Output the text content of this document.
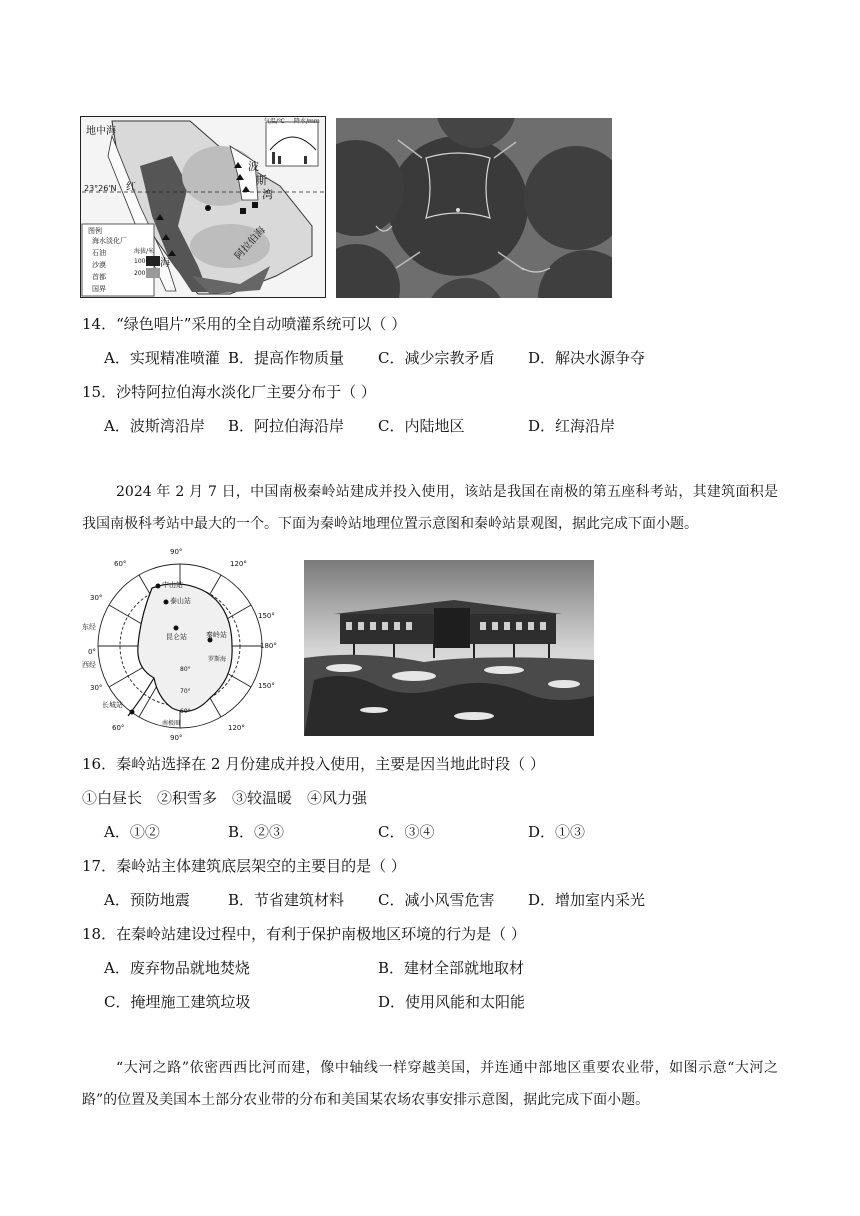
地中海
红
海
波
斯
湾
阿拉伯海
23°26'N
气温/℃ 降水/mm
图例
海水淡化厂
石油
沙漠
首都
国界
海拔/米
1000
200
14．“绿色唱片”采用的全自动喷灌系统可以（ ）
A．实现精准喷灌 B．提高作物质量 C．减少宗教矛盾 D．解决水源争夺
15．沙特阿拉伯海水淡化厂主要分布于（ ）
A．波斯湾沿岸 B．阿拉伯海沿岸 C．内陆地区	D．红海沿岸
2024 年 2 月 7 日，中国南极秦岭站建成并投入使用，该站是我国在南极的第五座科考站，其建筑面积是我国南极科考站中最大的一个。下面为秦岭站地理位置示意图和秦岭站景观图，据此完成下面小题。
90°
120°
150°
180°
150°
120°
90°
60°
30°
0°
30°
60°
东经
西经
中山站
泰山站
昆仑站	秦岭站
长城站
罗斯海
南极圈
80°
70°
60°
16．秦岭站选择在 2 月份建成并投入使用，主要是因当地此时段（ ）
①白昼长　②积雪多　③较温暖　④风力强
A．①②	B．②③	C．③④	D．①③
17．秦岭站主体建筑底层架空的主要目的是（ ）
A．预防地震	B．节省建筑材料 C．减小风雪危害 D．增加室内采光
18．在秦岭站建设过程中，有利于保护南极地区环境的行为是（ ）
A．废弃物品就地焚烧	B．建材全部就地取材
C．掩埋施工建筑垃圾	D．使用风能和太阳能
“大河之路”依密西西比河而建，像中轴线一样穿越美国，并连通中部地区重要农业带，如图示意“大河之路”的位置及美国本土部分农业带的分布和美国某农场农事安排示意图，据此完成下面小题。
